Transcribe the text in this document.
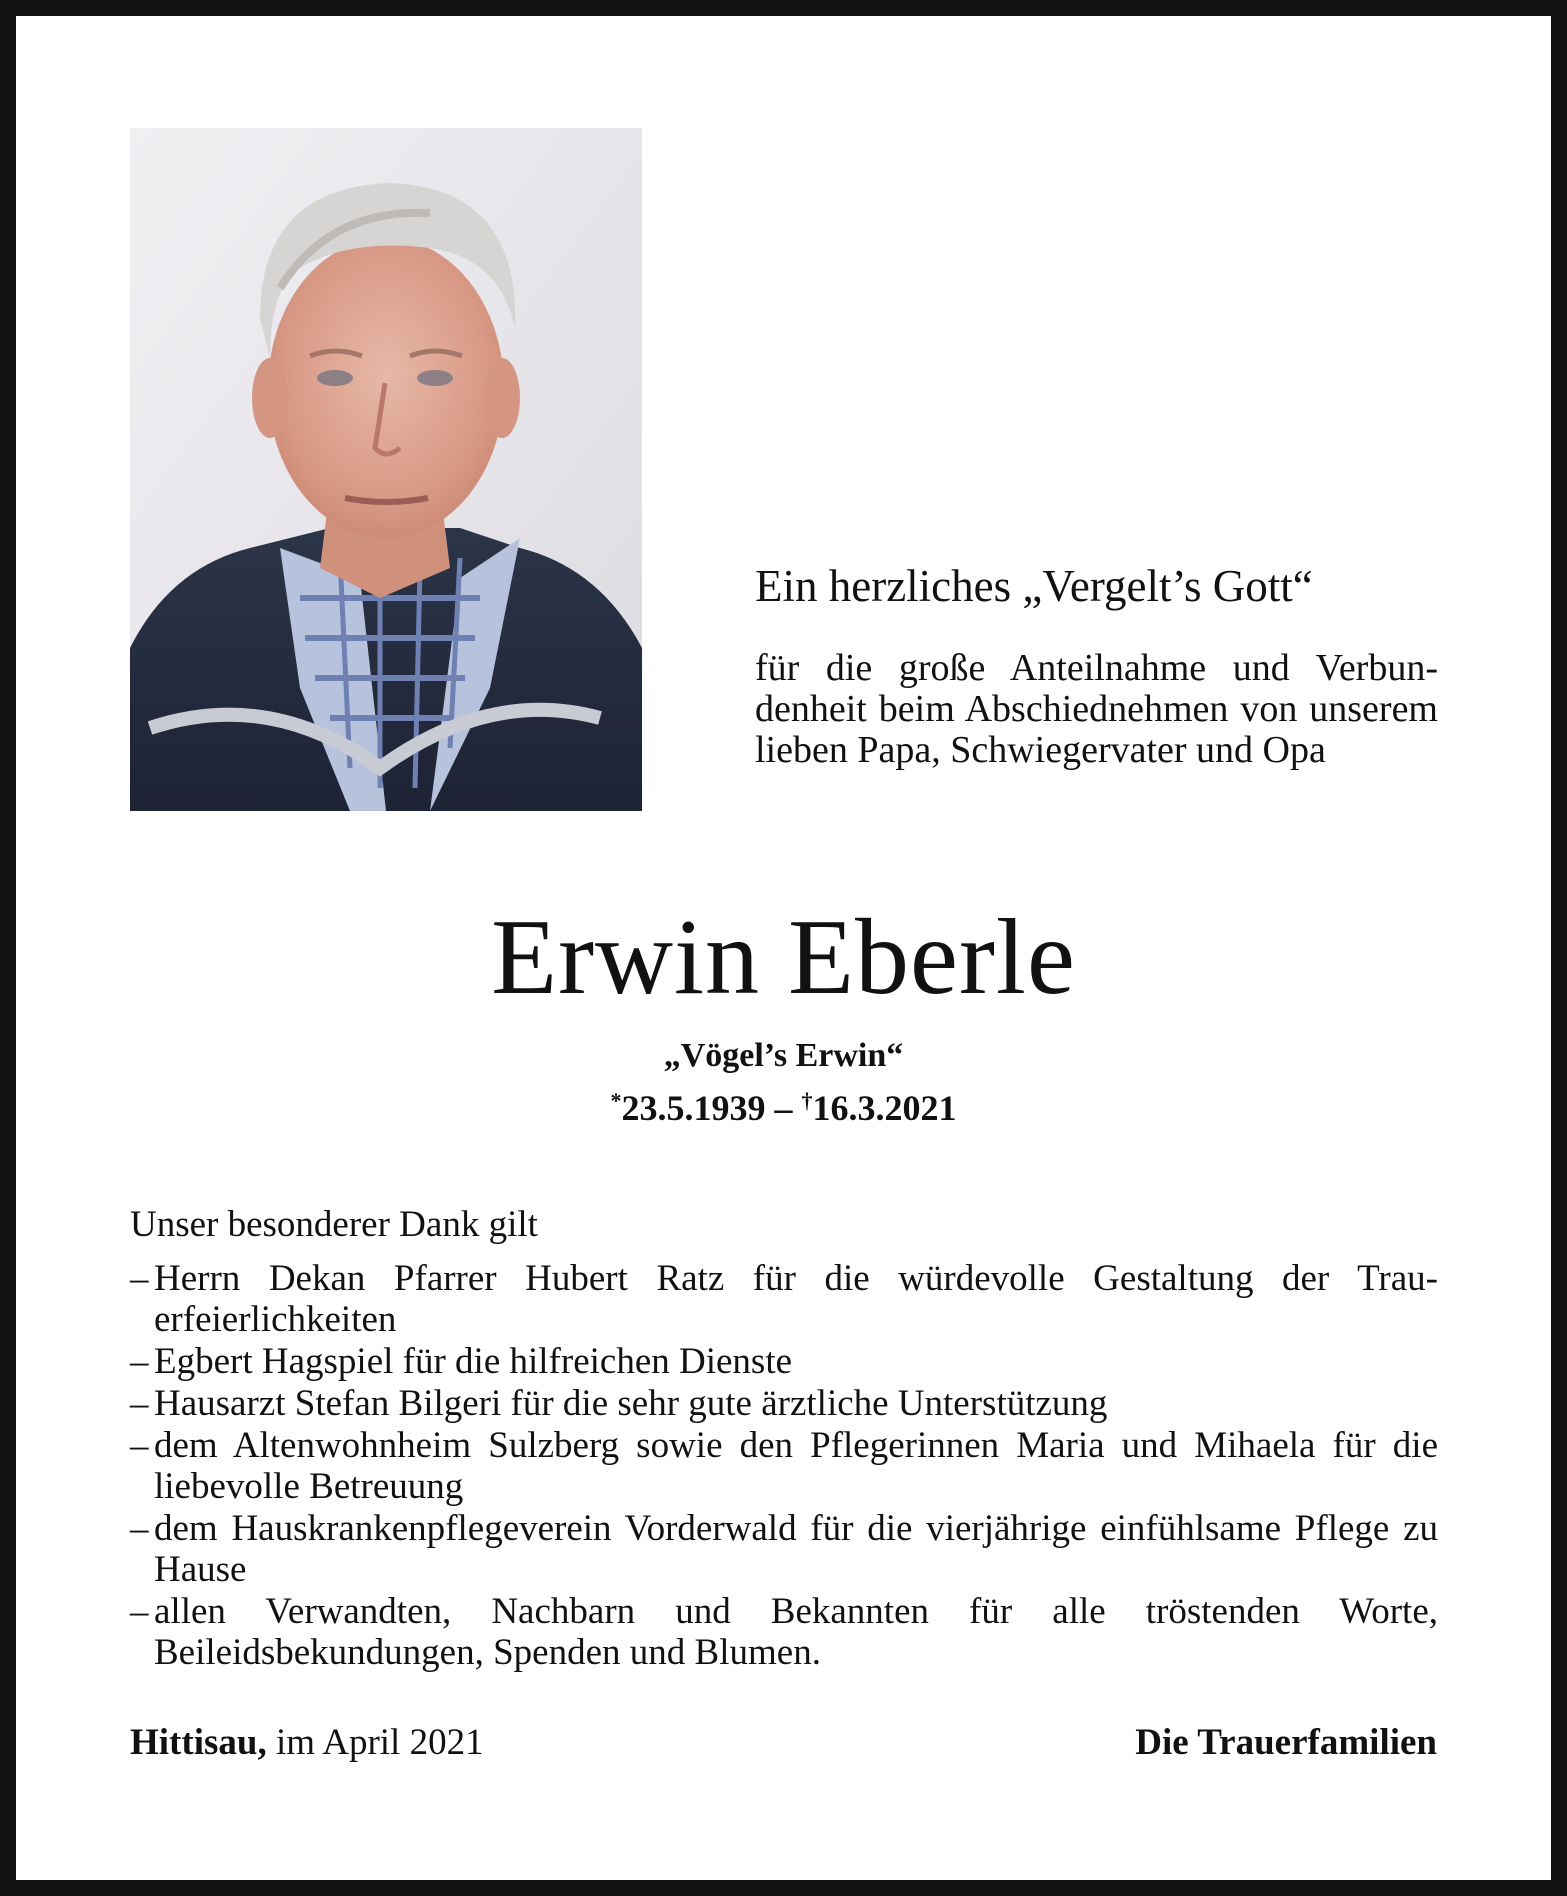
Ein herzliches „Vergelt’s Gott“
für die große Anteilnahme und Verbundenheit beim Abschiednehmen von unserem lieben Papa, Schwiegervater und Opa
Erwin Eberle
„Vögel’s Erwin“
*23.5.1939 – †16.3.2021
Unser besonderer Dank gilt
– Herrn Dekan Pfarrer Hubert Ratz für die würdevolle Gestaltung der Trauerfeierlichkeiten
– Egbert Hagspiel für die hilfreichen Dienste
– Hausarzt Stefan Bilgeri für die sehr gute ärztliche Unterstützung
– dem Altenwohnheim Sulzberg sowie den Pflegerinnen Maria und Mihaela für die liebevolle Betreuung
– dem Hauskrankenpflegeverein Vorderwald für die vierjährige einfühlsame Pflege zu Hause
– allen Verwandten, Nachbarn und Bekannten für alle tröstenden Worte, Beileidsbekundungen, Spenden und Blumen.
Hittisau, im April 2021	Die Trauerfamilien
